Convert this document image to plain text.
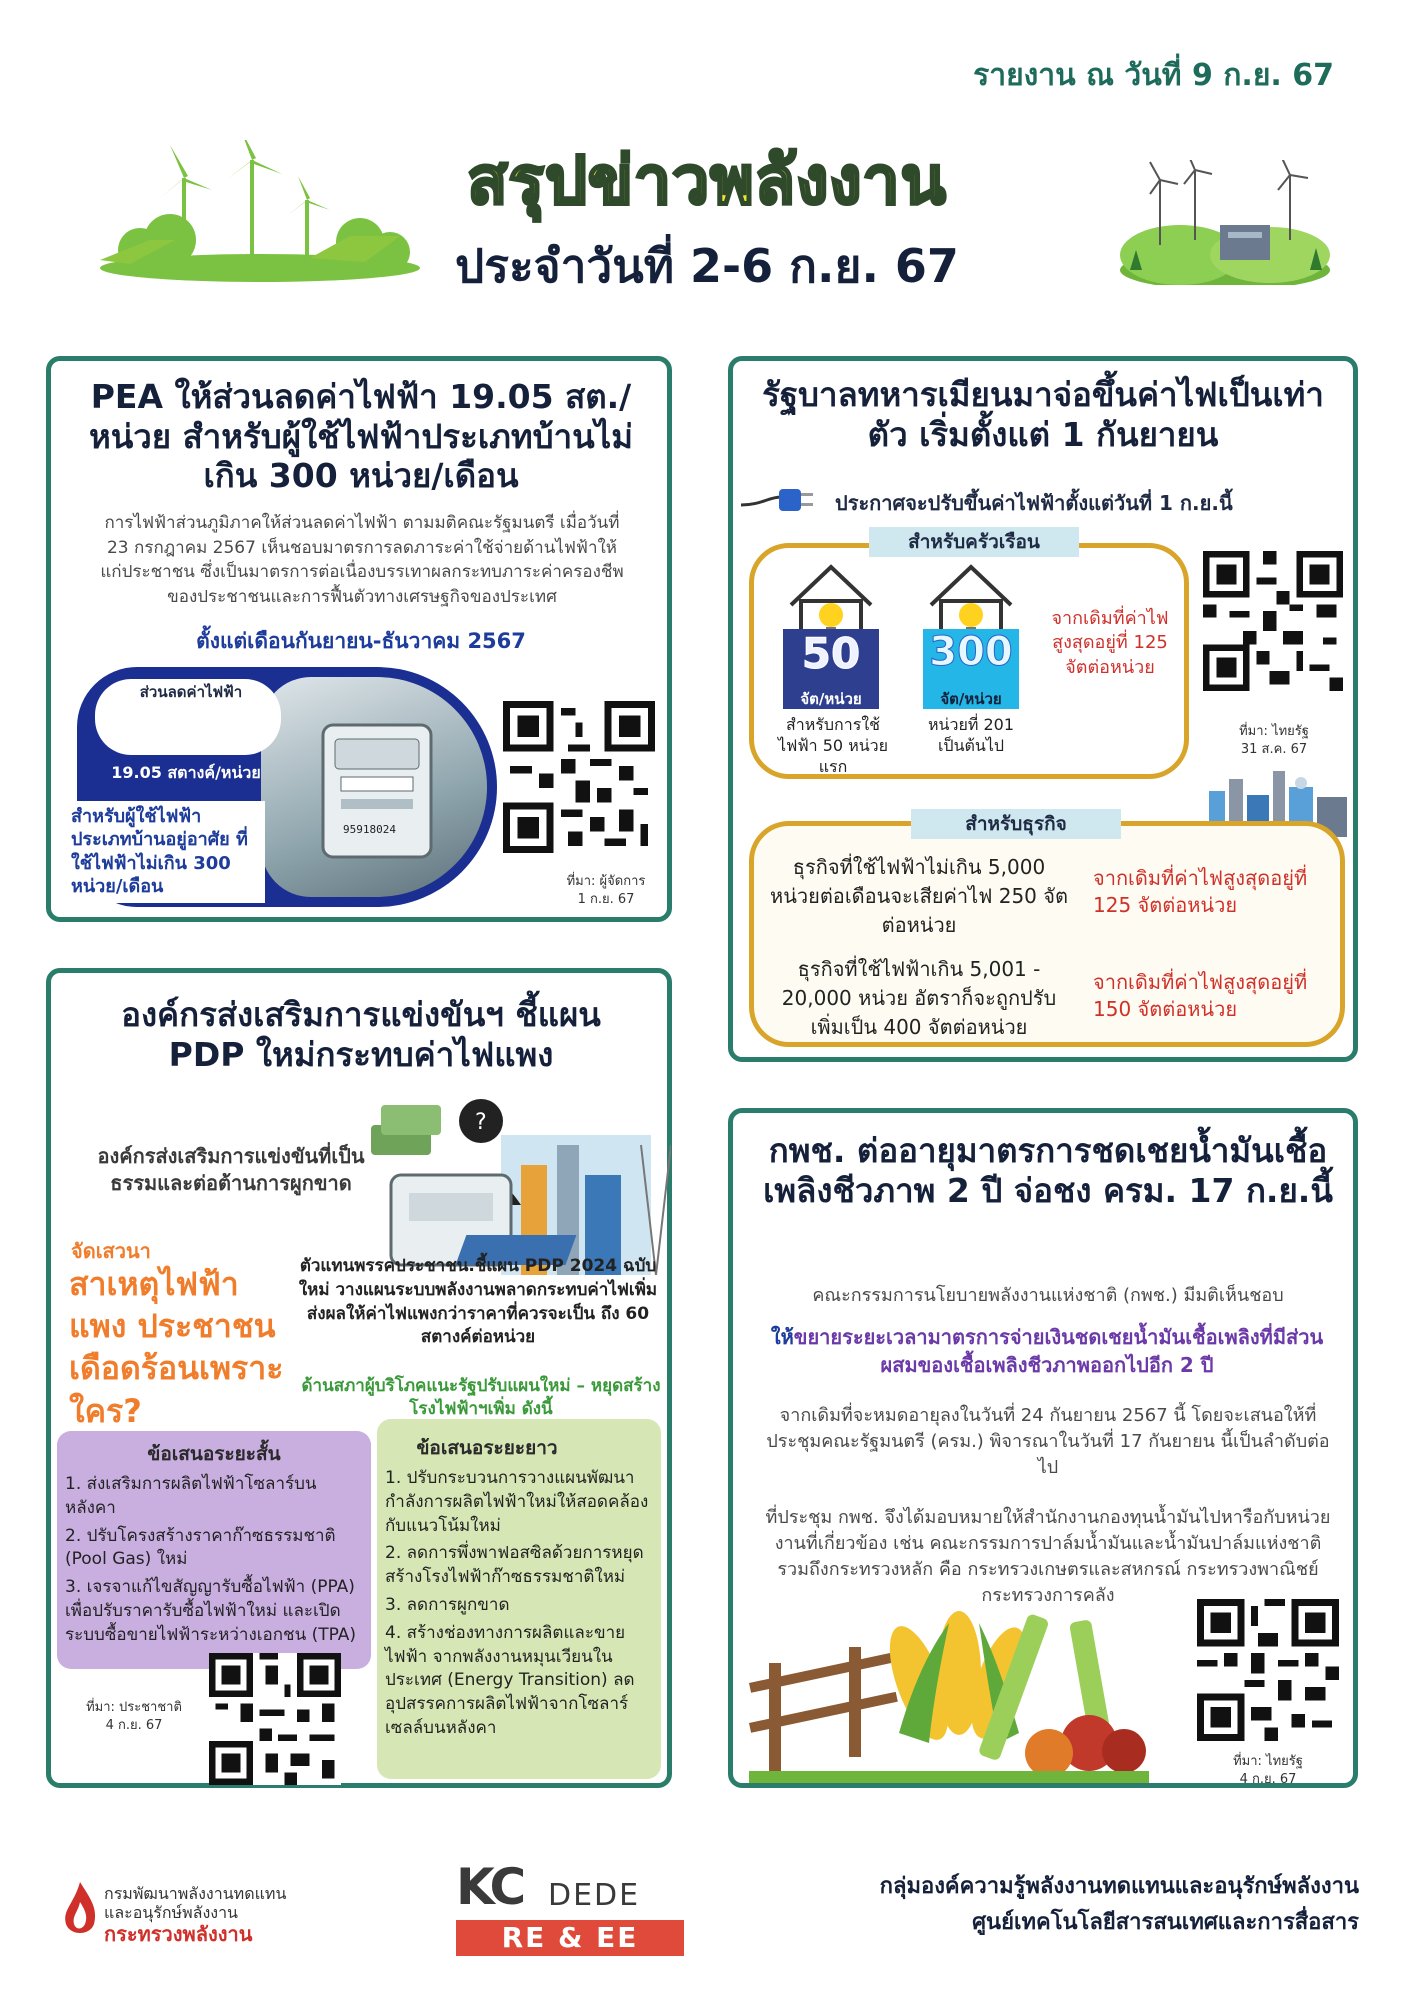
รายงาน ณ วันที่ 9 ก.ย. 67
สรุปข่าวพลังงาน
ประจำวันที่ 2-6 ก.ย. 67
PEA ให้ส่วนลดค่าไฟฟ้า 19.05 สต./หน่วย สำหรับผู้ใช้ไฟฟ้าประเภทบ้านไม่เกิน 300 หน่วย/เดือน
การไฟฟ้าส่วนภูมิภาคให้ส่วนลดค่าไฟฟ้า ตามมติคณะรัฐมนตรี เมื่อวันที่ 23 กรกฎาคม 2567 เห็นชอบมาตรการลดภาระค่าใช้จ่ายด้านไฟฟ้าให้แก่ประชาชน ซึ่งเป็นมาตรการต่อเนื่องบรรเทาผลกระทบภาระค่าครองชีพของประชาชนและการฟื้นตัวทางเศรษฐกิจของประเทศ
ตั้งแต่เดือนกันยายน-ธันวาคม 2567
95918024
ส่วนลดค่าไฟฟ้า
19.05 สตางค์/หน่วย
สำหรับผู้ใช้ไฟฟ้าประเภทบ้านอยู่อาศัย ที่ใช้ไฟฟ้าไม่เกิน 300 หน่วย/เดือน	ที่มา: ผู้จัดการ
1 ก.ย. 67
รัฐบาลทหารเมียนมาจ่อขึ้นค่าไฟเป็นเท่าตัว เริ่มตั้งแต่ 1 กันยายน
ประกาศจะปรับขึ้นค่าไฟฟ้าตั้งแต่วันที่ 1 ก.ย.นี้
สำหรับครัวเรือน
50
จัต/หน่วย
สำหรับการใช้ไฟฟ้า 50 หน่วยแรก
300
จัต/หน่วย
หน่วยที่ 201 เป็นต้นไป
จากเดิมที่ค่าไฟสูงสุดอยู่ที่ 125 จัตต่อหน่วย
ที่มา: ไทยรัฐ
31 ส.ค. 67
สำหรับธุรกิจ
ธุรกิจที่ใช้ไฟฟ้าไม่เกิน 5,000 หน่วยต่อเดือนจะเสียค่าไฟ 250 จัตต่อหน่วย
จากเดิมที่ค่าไฟสูงสุดอยู่ที่ 125 จัตต่อหน่วย
ธุรกิจที่ใช้ไฟฟ้าเกิน 5,001 - 20,000 หน่วย อัตราก็จะถูกปรับเพิ่มเป็น 400 จัตต่อหน่วย
จากเดิมที่ค่าไฟสูงสุดอยู่ที่ 150 จัตต่อหน่วย
องค์กรส่งเสริมการแข่งขันฯ ชี้แผน PDP ใหม่กระทบค่าไฟแพง
?
องค์กรส่งเสริมการแข่งขันที่เป็นธรรมและต่อต้านการผูกขาด
จัดเสวนา
สาเหตุไฟฟ้าแพง ประชาชนเดือดร้อนเพราะใคร?
ตัวแทนพรรคประชาชน.ชี้แผน PDP 2024 ฉบับใหม่ วางแผนระบบพลังงานพลาดกระทบค่าไฟเพิ่ม ส่งผลให้ค่าไฟแพงกว่าราคาที่ควรจะเป็น ถึง 60 สตางค์ต่อหน่วย
ด้านสภาผู้บริโภคแนะรัฐปรับแผนใหม่ – หยุดสร้างโรงไฟฟ้าฯเพิ่ม ดังนี้
ข้อเสนอระยะสั้น
1. ส่งเสริมการผลิตไฟฟ้าโซลาร์บนหลังคา
2. ปรับโครงสร้างราคาก๊าซธรรมชาติ (Pool Gas) ใหม่
3. เจรจาแก้ไขสัญญารับซื้อไฟฟ้า (PPA) เพื่อปรับราคารับซื้อไฟฟ้าใหม่ และเปิดระบบซื้อขายไฟฟ้าระหว่างเอกชน (TPA)
ข้อเสนอระยะยาว
1. ปรับกระบวนการวางแผนพัฒนากำลังการผลิตไฟฟ้าใหม่ให้สอดคล้องกับแนวโน้มใหม่
2. ลดการพึ่งพาฟอสซิลด้วยการหยุดสร้างโรงไฟฟ้าก๊าซธรรมชาติใหม่
3. ลดการผูกขาด
4. สร้างช่องทางการผลิตและขายไฟฟ้า จากพลังงานหมุนเวียนในประเทศ (Energy Transition) ลดอุปสรรคการผลิตไฟฟ้าจากโซลาร์เซลล์บนหลังคา
ที่มา: ประชาชาติ
4 ก.ย. 67
กพช. ต่ออายุมาตรการชดเชยน้ำมันเชื้อเพลิงชีวภาพ 2 ปี จ่อชง ครม. 17 ก.ย.นี้
คณะกรรมการนโยบายพลังงานแห่งชาติ (กพช.) มีมติเห็นชอบ
ให้ขยายระยะเวลามาตรการจ่ายเงินชดเชยน้ำมันเชื้อเพลิงที่มีส่วนผสมของเชื้อเพลิงชีวภาพออกไปอีก 2 ปี
จากเดิมที่จะหมดอายุลงในวันที่ 24 กันยายน 2567 นี้ โดยจะเสนอให้ที่ประชุมคณะรัฐมนตรี (ครม.) พิจารณาในวันที่ 17 กันยายน นี้เป็นลำดับต่อไป
ที่ประชุม กพช. จึงได้มอบหมายให้สำนักงานกองทุนน้ำมันไปหารือกับหน่วยงานที่เกี่ยวข้อง เช่น คณะกรรมการปาล์มน้ำมันและน้ำมันปาล์มแห่งชาติ รวมถึงกระทรวงหลัก คือ กระทรวงเกษตรและสหกรณ์ กระทรวงพาณิชย์ กระทรวงการคลัง
ที่มา: ไทยรัฐ
4 ก.ย. 67
กรมพัฒนาพลังงานทดแทน
และอนุรักษ์พลังงาน
กระทรวงพลังงาน
KC DEDE
RE & EE
กลุ่มองค์ความรู้พลังงานทดแทนและอนุรักษ์พลังงาน
ศูนย์เทคโนโลยีสารสนเทศและการสื่อสาร
